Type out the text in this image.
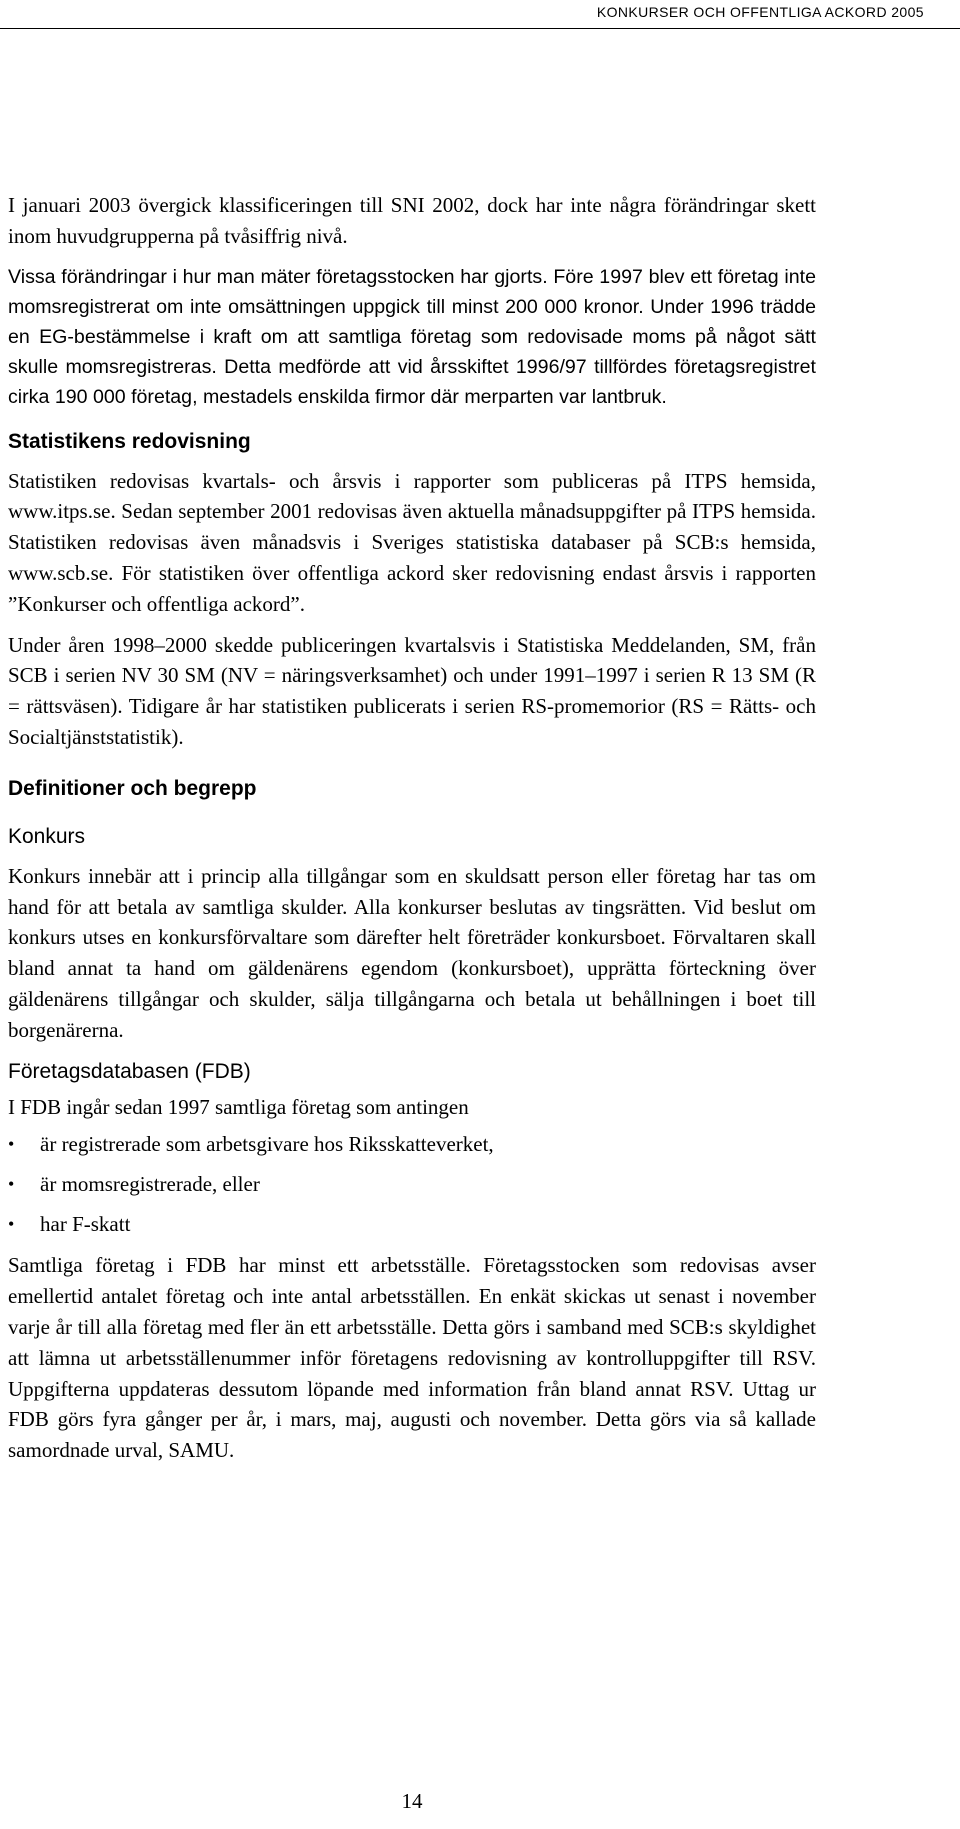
KONKURSER OCH OFFENTLIGA ACKORD 2005

I januari 2003 övergick klassificeringen till SNI 2002, dock har inte några förändringar skett inom huvudgrupperna på tvåsiffrig nivå.

Vissa förändringar i hur man mäter företagsstocken har gjorts. Före 1997 blev ett företag inte momsregistrerat om inte omsättningen uppgick till minst 200 000 kronor. Under 1996 trädde en EG-bestämmelse i kraft om att samtliga företag som redovisade moms på något sätt skulle momsregistreras. Detta medförde att vid årsskiftet 1996/97 tillfördes företagsregistret cirka 190 000 företag, mestadels enskilda firmor där merparten var lantbruk.

Statistikens redovisning

Statistiken redovisas kvartals- och årsvis i rapporter som publiceras på ITPS hemsida, www.itps.se. Sedan september 2001 redovisas även aktuella månadsuppgifter på ITPS hemsida. Statistiken redovisas även månadsvis i Sveriges statistiska databaser på SCB:s hemsida, www.scb.se. För statistiken över offentliga ackord sker redovisning endast årsvis i rapporten ”Konkurser och offentliga ackord”.

Under åren 1998–2000 skedde publiceringen kvartalsvis i Statistiska Meddelanden, SM, från SCB i serien NV 30 SM (NV = näringsverksamhet) och under 1991–1997 i serien R 13 SM (R = rättsväsen). Tidigare år har statistiken publicerats i serien RS-promemorior (RS = Rätts- och Socialtjänststatistik).

Definitioner och begrepp
Konkurs

Konkurs innebär att i princip alla tillgångar som en skuldsatt person eller företag har tas om hand för att betala av samtliga skulder. Alla konkurser beslutas av tingsrätten. Vid beslut om konkurs utses en konkursförvaltare som därefter helt företräder konkursboet. Förvaltaren skall bland annat ta hand om gäldenärens egendom (konkursboet), upprätta förteckning över gäldenärens tillgångar och skulder, sälja tillgångarna och betala ut behållningen i boet till borgenärerna.

Företagsdatabasen (FDB)

I FDB ingår sedan 1997 samtliga företag som antingen

• är registrerade som arbetsgivare hos Riksskatteverket,
• är momsregistrerade, eller
• har F-skatt

Samtliga företag i FDB har minst ett arbetsställe. Företagsstocken som redovisas avser emellertid antalet företag och inte antal arbetsställen. En enkät skickas ut senast i november varje år till alla företag med fler än ett arbetsställe. Detta görs i samband med SCB:s skyldighet att lämna ut arbetsställenummer inför företagens redovisning av kontrolluppgifter till RSV. Uppgifterna uppdateras dessutom löpande med information från bland annat RSV. Uttag ur FDB görs fyra gånger per år, i mars, maj, augusti och november. Detta görs via så kallade samordnade urval, SAMU.

14
